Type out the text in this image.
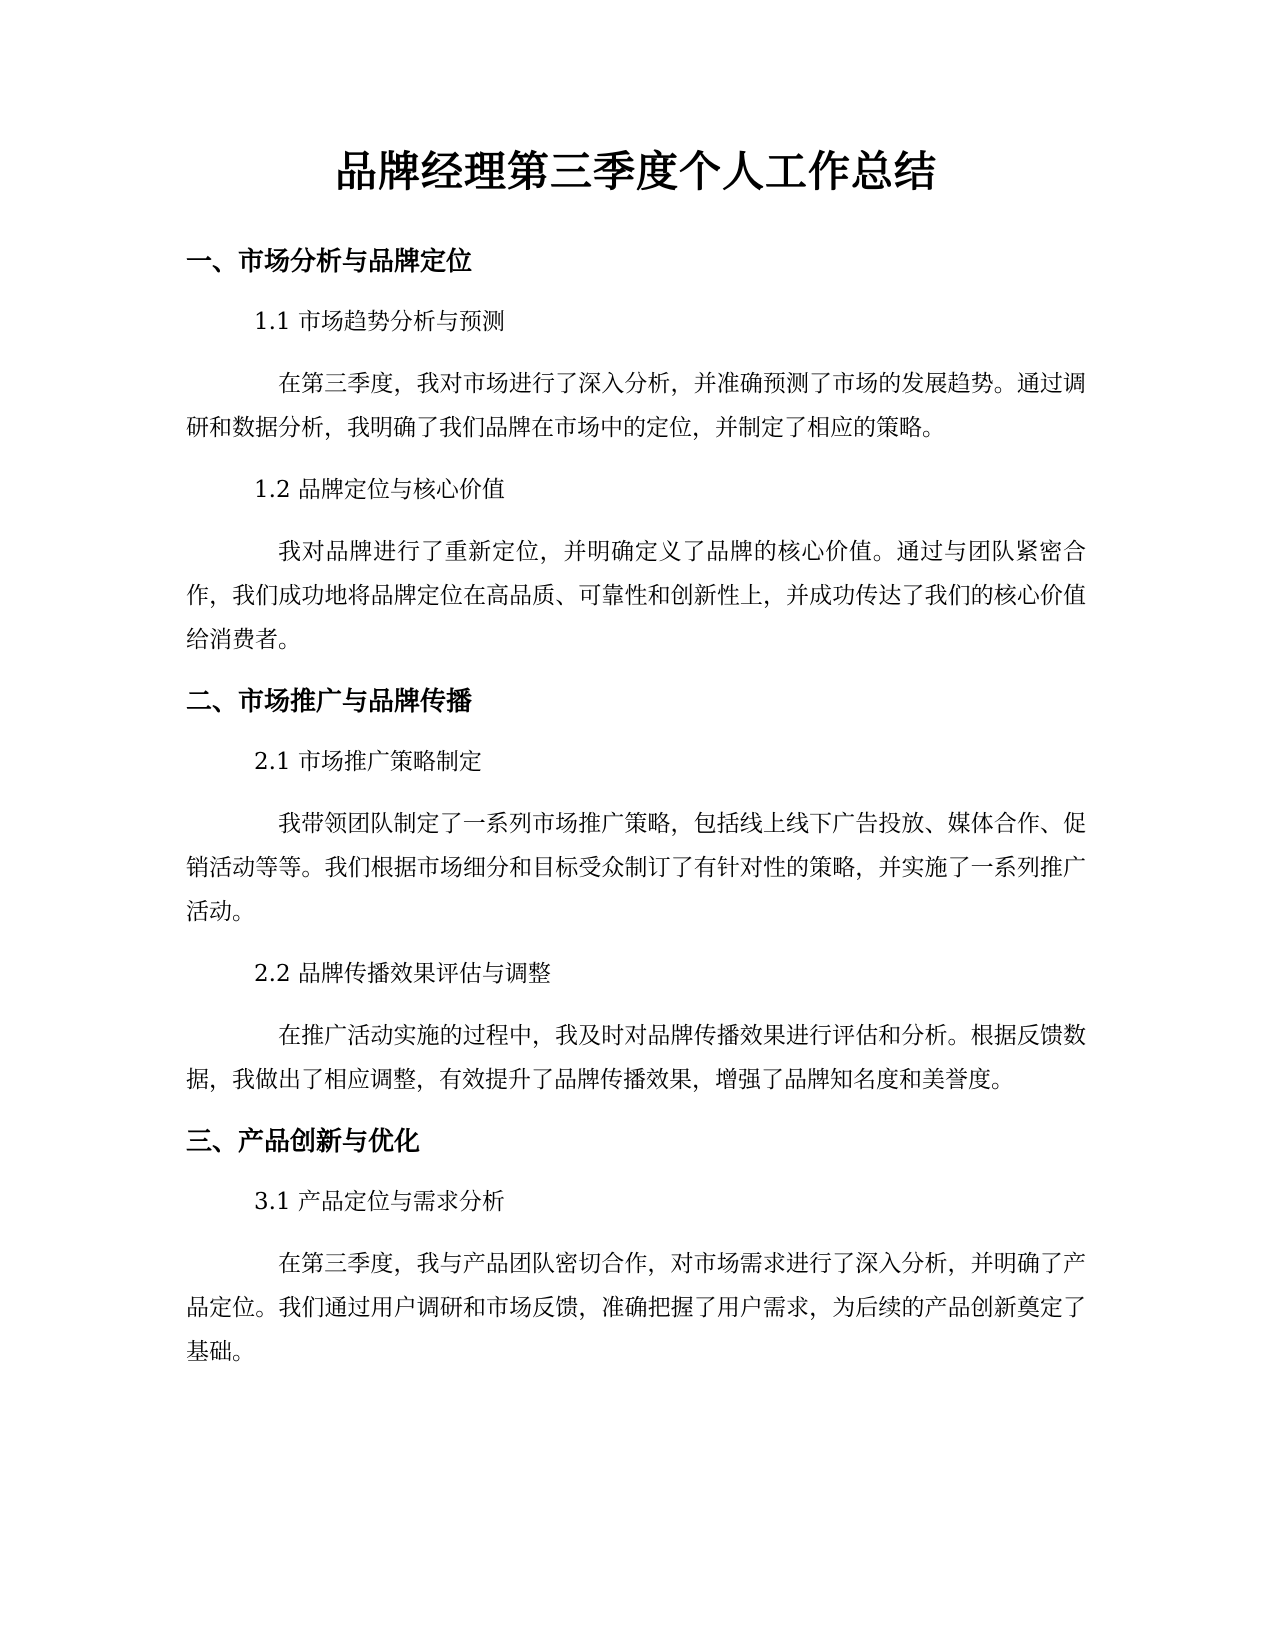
品牌经理第三季度个人工作总结
一、市场分析与品牌定位
1.1 市场趋势分析与预测

在第三季度，我对市场进行了深入分析，并准确预测了市场的发展趋势。通过调研和数据分析，我明确了我们品牌在市场中的定位，并制定了相应的策略。

1.2 品牌定位与核心价值

我对品牌进行了重新定位，并明确定义了品牌的核心价值。通过与团队紧密合作，我们成功地将品牌定位在高品质、可靠性和创新性上，并成功传达了我们的核心价值给消费者。

二、市场推广与品牌传播
2.1 市场推广策略制定

我带领团队制定了一系列市场推广策略，包括线上线下广告投放、媒体合作、促销活动等等。我们根据市场细分和目标受众制订了有针对性的策略，并实施了一系列推广活动。

2.2 品牌传播效果评估与调整

在推广活动实施的过程中，我及时对品牌传播效果进行评估和分析。根据反馈数据，我做出了相应调整，有效提升了品牌传播效果，增强了品牌知名度和美誉度。

三、产品创新与优化
3.1 产品定位与需求分析

在第三季度，我与产品团队密切合作，对市场需求进行了深入分析，并明确了产品定位。我们通过用户调研和市场反馈，准确把握了用户需求，为后续的产品创新奠定了基础。
